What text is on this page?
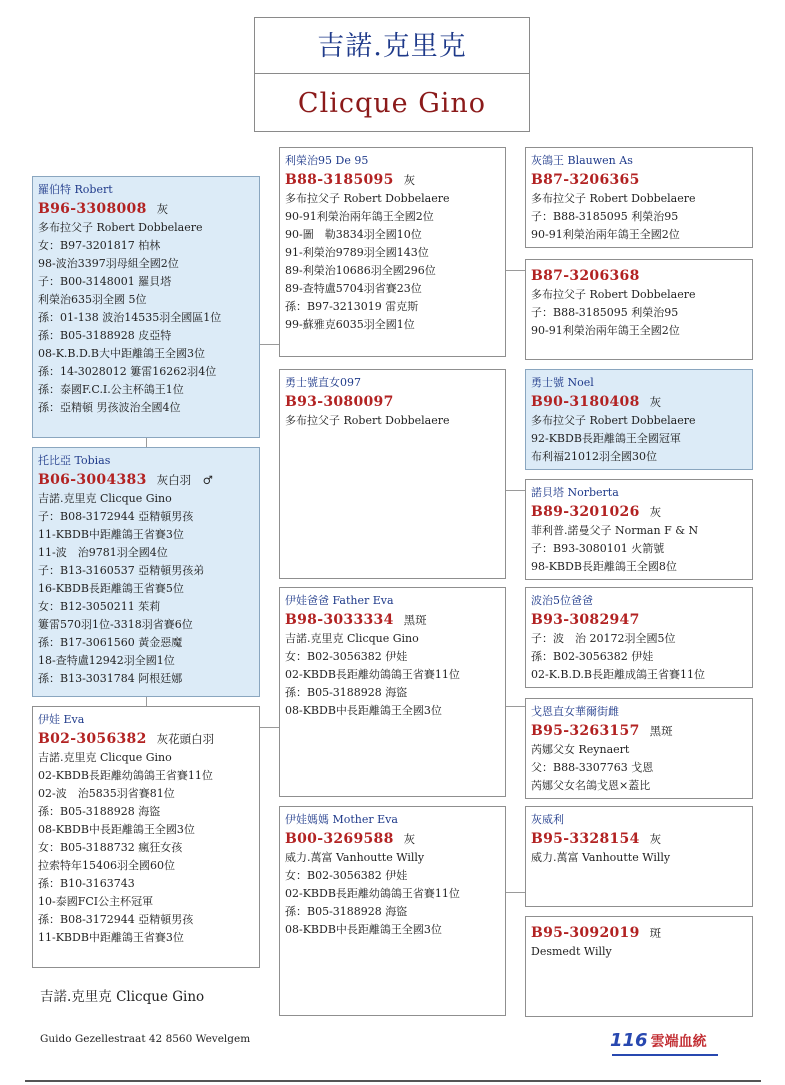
吉諾.克里克
Clicque Gino
羅伯特 Robert
B96-3308008 灰
多布拉父子 Robert Dobbelaere
女：B97-3201817 柏林
98-波治3397羽母組全國2位
子：B00-3148001 羅貝塔
利榮治635羽全國 5位
孫：01-138 波治14535羽全國區1位
孫：B05-3188928 皮亞特
08-K.B.D.B大中距離鴿王全國3位
孫：14-3028012 簍雷16262羽4位
孫：泰國F.C.I.公主杯鴿王1位
孫：亞精頓 男孩波治全國4位
托比亞 Tobias
B06-3004383 灰白羽　♂
吉諾.克里克 Clicque Gino
子：B08-3172944 亞精頓男孩
11-KBDB中距離鴿王省賽3位
11-波　治9781羽全國4位
子：B13-3160537 亞精頓男孩弟
16-KBDB長距離鴿王省賽5位
女：B12-3050211 茱莉
簍雷570羽1位-3318羽省賽6位
孫：B17-3061560 黃金惡魔
18-查特盧12942羽全國1位
孫：B13-3031784 阿根廷娜
伊娃 Eva
B02-3056382 灰花頭白羽
吉諾.克里克 Clicque Gino
02-KBDB長距離幼鴿鴿王省賽11位
02-波　治5835羽省賽81位
孫：B05-3188928 海盜
08-KBDB中長距離鴿王全國3位
女：B05-3188732 瘋狂女孩
拉索特年15406羽全國60位
孫：B10-3163743
10-泰國FCI公主杯冠軍
孫：B08-3172944 亞精頓男孩
11-KBDB中距離鴿王省賽3位
利榮治95 De 95
B88-3185095 灰
多布拉父子 Robert Dobbelaere
90-91利榮治兩年鴿王全國2位
90-圖　勒3834羽全國10位
91-利榮治9789羽全國143位
89-利榮治10686羽全國296位
89-查特盧5704羽省賽23位
孫：B97-3213019 雷克斯
99-蘇雅克6035羽全國1位
勇士號直女097
B93-3080097
多布拉父子 Robert Dobbelaere
伊娃爸爸 Father Eva
B98-3033334 黑斑
吉諾.克里克 Clicque Gino
女：B02-3056382 伊娃
02-KBDB長距離幼鴿鴿王省賽11位
孫：B05-3188928 海盜
08-KBDB中長距離鴿王全國3位
伊娃媽媽 Mother Eva
B00-3269588 灰
威力.萬富 Vanhoutte Willy
女：B02-3056382 伊娃
02-KBDB長距離幼鴿鴿王省賽11位
孫：B05-3188928 海盜
08-KBDB中長距離鴿王全國3位
灰鴿王 Blauwen As
B87-3206365
多布拉父子 Robert Dobbelaere
子：B88-3185095 利榮治95
90-91利榮治兩年鴿王全國2位
B87-3206368
多布拉父子 Robert Dobbelaere
子：B88-3185095 利榮治95
90-91利榮治兩年鴿王全國2位
勇士號 Noel
B90-3180408 灰
多布拉父子 Robert Dobbelaere
92-KBDB長距離鴿王全國冠軍
布利福21012羽全國30位
諾貝塔 Norberta
B89-3201026 灰
菲利普.諾曼父子 Norman F & N
子：B93-3080101 火箭號
98-KBDB長距離鴿王全國8位
波治5位爸爸
B93-3082947
子：波　治 20172羽全國5位
孫：B02-3056382 伊娃
02-K.B.D.B長距離成鴿王省賽11位
戈恩直女華爾街雌
B95-3263157 黑斑
芮娜父女 Reynaert
父：B88-3307763 戈恩
芮娜父女名鴿戈恩×蓋比
灰威利
B95-3328154 灰
威力.萬富 Vanhoutte Willy
B95-3092019 斑
Desmedt Willy
吉諾.克里克 Clicque Gino
Guido Gezellestraat 42 8560 Wevelgem	116 雲端血統
